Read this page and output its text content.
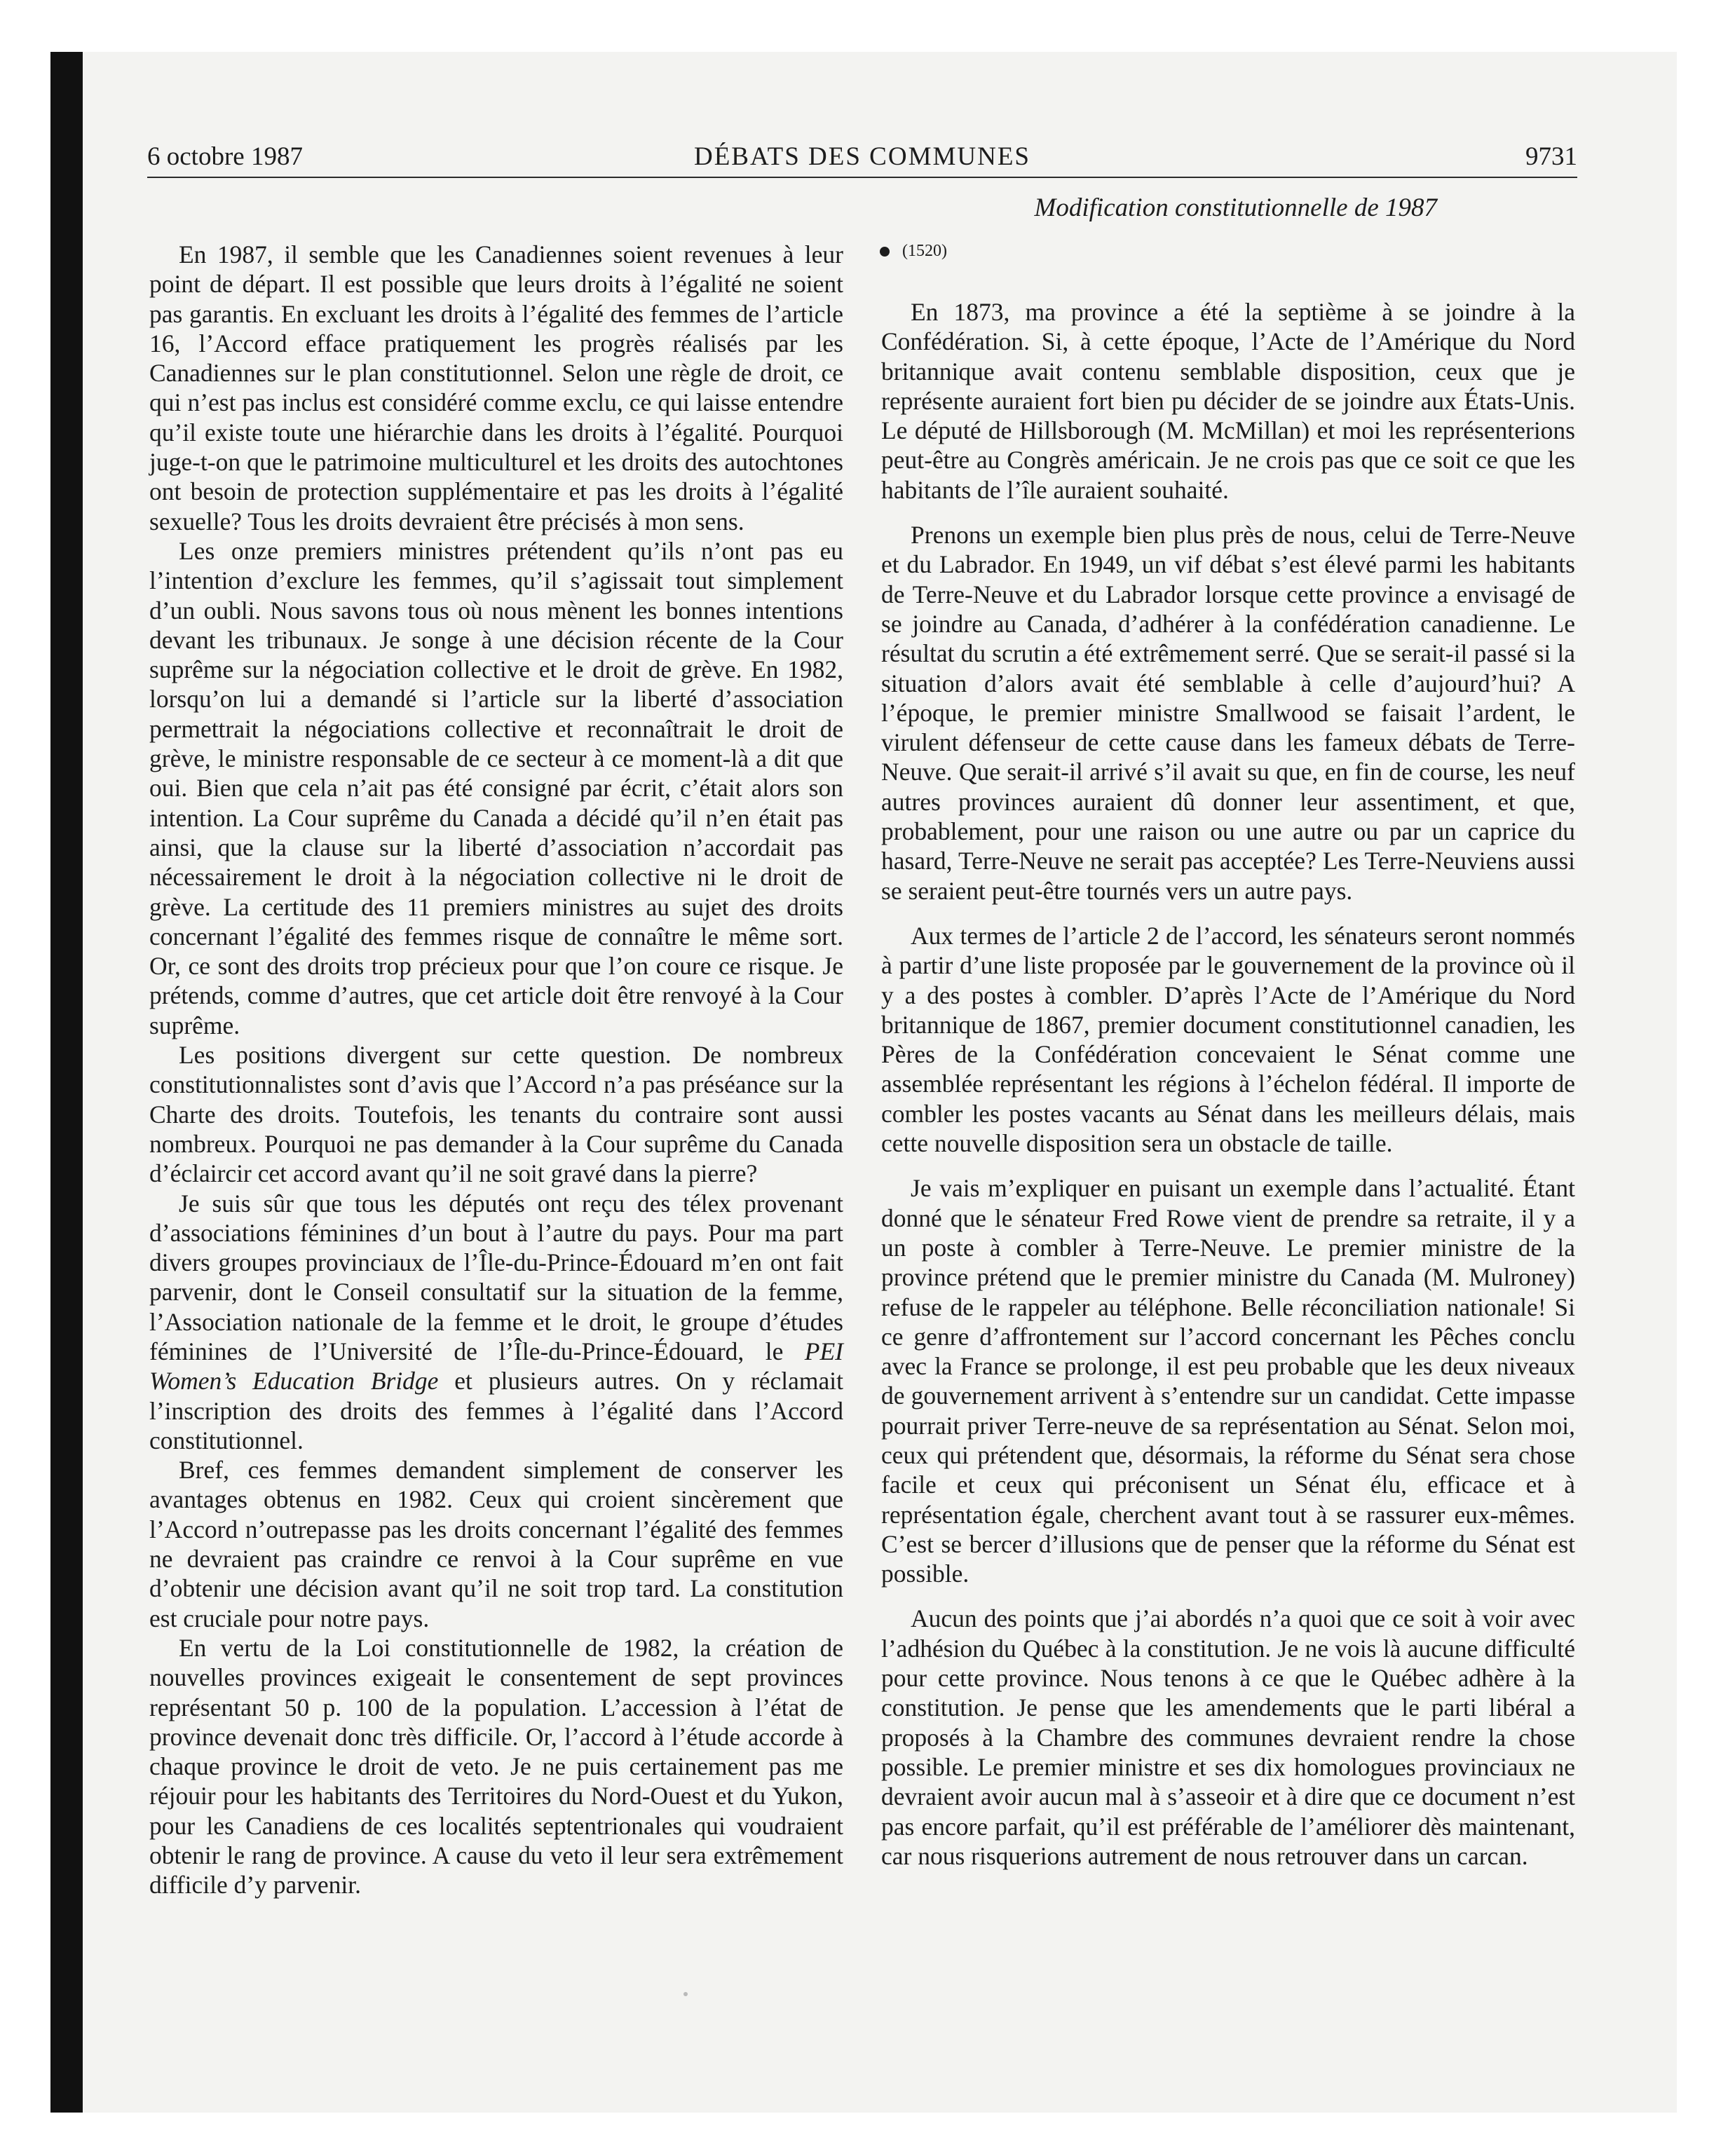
6 octobre 1987	DÉBATS DES COMMUNES	9731
Modification constitutionnelle de 1987
(1520)

En 1987, il semble que les Canadiennes soient revenues à leur point de départ. Il est possible que leurs droits à l’égalité ne soient pas garantis. En excluant les droits à l’égalité des femmes de l’article 16, l’Accord efface pratiquement les progrès réalisés par les Canadiennes sur le plan constitutionnel. Selon une règle de droit, ce qui n’est pas inclus est considéré comme exclu, ce qui laisse entendre qu’il existe toute une hiérarchie dans les droits à l’égalité. Pourquoi juge-t-on que le patrimoine multiculturel et les droits des autochtones ont besoin de protection supplémentaire et pas les droits à l’égalité sexuelle? Tous les droits devraient être précisés à mon sens.

Les onze premiers ministres prétendent qu’ils n’ont pas eu l’intention d’exclure les femmes, qu’il s’agissait tout simplement d’un oubli. Nous savons tous où nous mènent les bonnes intentions devant les tribunaux. Je songe à une décision récente de la Cour suprême sur la négociation collective et le droit de grève. En 1982, lorsqu’on lui a demandé si l’article sur la liberté d’association permettrait la négociations collective et reconnaîtrait le droit de grève, le ministre responsable de ce secteur à ce moment-là a dit que oui. Bien que cela n’ait pas été consigné par écrit, c’était alors son intention. La Cour suprême du Canada a décidé qu’il n’en était pas ainsi, que la clause sur la liberté d’association n’accordait pas nécessairement le droit à la négociation collective ni le droit de grève. La certitude des 11 premiers ministres au sujet des droits concernant l’égalité des femmes risque de connaître le même sort. Or, ce sont des droits trop précieux pour que l’on coure ce risque. Je prétends, comme d’autres, que cet article doit être renvoyé à la Cour suprême.

Les positions divergent sur cette question. De nombreux constitutionnalistes sont d’avis que l’Accord n’a pas préséance sur la Charte des droits. Toutefois, les tenants du contraire sont aussi nombreux. Pourquoi ne pas demander à la Cour suprême du Canada d’éclaircir cet accord avant qu’il ne soit gravé dans la pierre?

Je suis sûr que tous les députés ont reçu des télex provenant d’associations féminines d’un bout à l’autre du pays. Pour ma part divers groupes provinciaux de l’Île-du-Prince-Édouard m’en ont fait parvenir, dont le Conseil consultatif sur la situation de la femme, l’Association nationale de la femme et le droit, le groupe d’études féminines de l’Université de l’Île-du-Prince-Édouard, le PEI Women’s Education Bridge et plusieurs autres. On y réclamait l’inscription des droits des femmes à l’égalité dans l’Accord constitutionnel.

Bref, ces femmes demandent simplement de conserver les avantages obtenus en 1982. Ceux qui croient sincèrement que l’Accord n’outrepasse pas les droits concernant l’égalité des femmes ne devraient pas craindre ce renvoi à la Cour suprême en vue d’obtenir une décision avant qu’il ne soit trop tard. La constitution est cruciale pour notre pays.

En vertu de la Loi constitutionnelle de 1982, la création de nouvelles provinces exigeait le consentement de sept provinces représentant 50 p. 100 de la population. L’accession à l’état de province devenait donc très difficile. Or, l’accord à l’étude accorde à chaque province le droit de veto. Je ne puis certainement pas me réjouir pour les habitants des Territoires du Nord-Ouest et du Yukon, pour les Canadiens de ces localités septentrionales qui voudraient obtenir le rang de province. A cause du veto il leur sera extrêmement difficile d’y parvenir.

En 1873, ma province a été la septième à se joindre à la Confédération. Si, à cette époque, l’Acte de l’Amérique du Nord britannique avait contenu semblable disposition, ceux que je représente auraient fort bien pu décider de se joindre aux États-Unis. Le député de Hillsborough (M. McMillan) et moi les représenterions peut-être au Congrès américain. Je ne crois pas que ce soit ce que les habitants de l’île auraient souhaité.

Prenons un exemple bien plus près de nous, celui de Terre-Neuve et du Labrador. En 1949, un vif débat s’est élevé parmi les habitants de Terre-Neuve et du Labrador lorsque cette province a envisagé de se joindre au Canada, d’adhérer à la confédération canadienne. Le résultat du scrutin a été extrêmement serré. Que se serait-il passé si la situation d’alors avait été semblable à celle d’aujourd’hui? A l’époque, le premier ministre Smallwood se faisait l’ardent, le virulent défenseur de cette cause dans les fameux débats de Terre-Neuve. Que serait-il arrivé s’il avait su que, en fin de course, les neuf autres provinces auraient dû donner leur assentiment, et que, probablement, pour une raison ou une autre ou par un caprice du hasard, Terre-Neuve ne serait pas acceptée? Les Terre-Neuviens aussi se seraient peut-être tournés vers un autre pays.

Aux termes de l’article 2 de l’accord, les sénateurs seront nommés à partir d’une liste proposée par le gouvernement de la province où il y a des postes à combler. D’après l’Acte de l’Amérique du Nord britannique de 1867, premier document constitutionnel canadien, les Pères de la Confédération concevaient le Sénat comme une assemblée représentant les régions à l’échelon fédéral. Il importe de combler les postes vacants au Sénat dans les meilleurs délais, mais cette nouvelle disposition sera un obstacle de taille.

Je vais m’expliquer en puisant un exemple dans l’actualité. Étant donné que le sénateur Fred Rowe vient de prendre sa retraite, il y a un poste à combler à Terre-Neuve. Le premier ministre de la province prétend que le premier ministre du Canada (M. Mulroney) refuse de le rappeler au téléphone. Belle réconciliation nationale! Si ce genre d’affrontement sur l’accord concernant les Pêches conclu avec la France se prolonge, il est peu probable que les deux niveaux de gouvernement arrivent à s’entendre sur un candidat. Cette impasse pourrait priver Terre-neuve de sa représentation au Sénat. Selon moi, ceux qui prétendent que, désormais, la réforme du Sénat sera chose facile et ceux qui préconisent un Sénat élu, efficace et à représentation égale, cherchent avant tout à se rassurer eux-mêmes. C’est se bercer d’illusions que de penser que la réforme du Sénat est possible.

Aucun des points que j’ai abordés n’a quoi que ce soit à voir avec l’adhésion du Québec à la constitution. Je ne vois là aucune difficulté pour cette province. Nous tenons à ce que le Québec adhère à la constitution. Je pense que les amendements que le parti libéral a proposés à la Chambre des communes devraient rendre la chose possible. Le premier ministre et ses dix homologues provinciaux ne devraient avoir aucun mal à s’asseoir et à dire que ce document n’est pas encore parfait, qu’il est préférable de l’améliorer dès maintenant, car nous risquerions autrement de nous retrouver dans un carcan.
